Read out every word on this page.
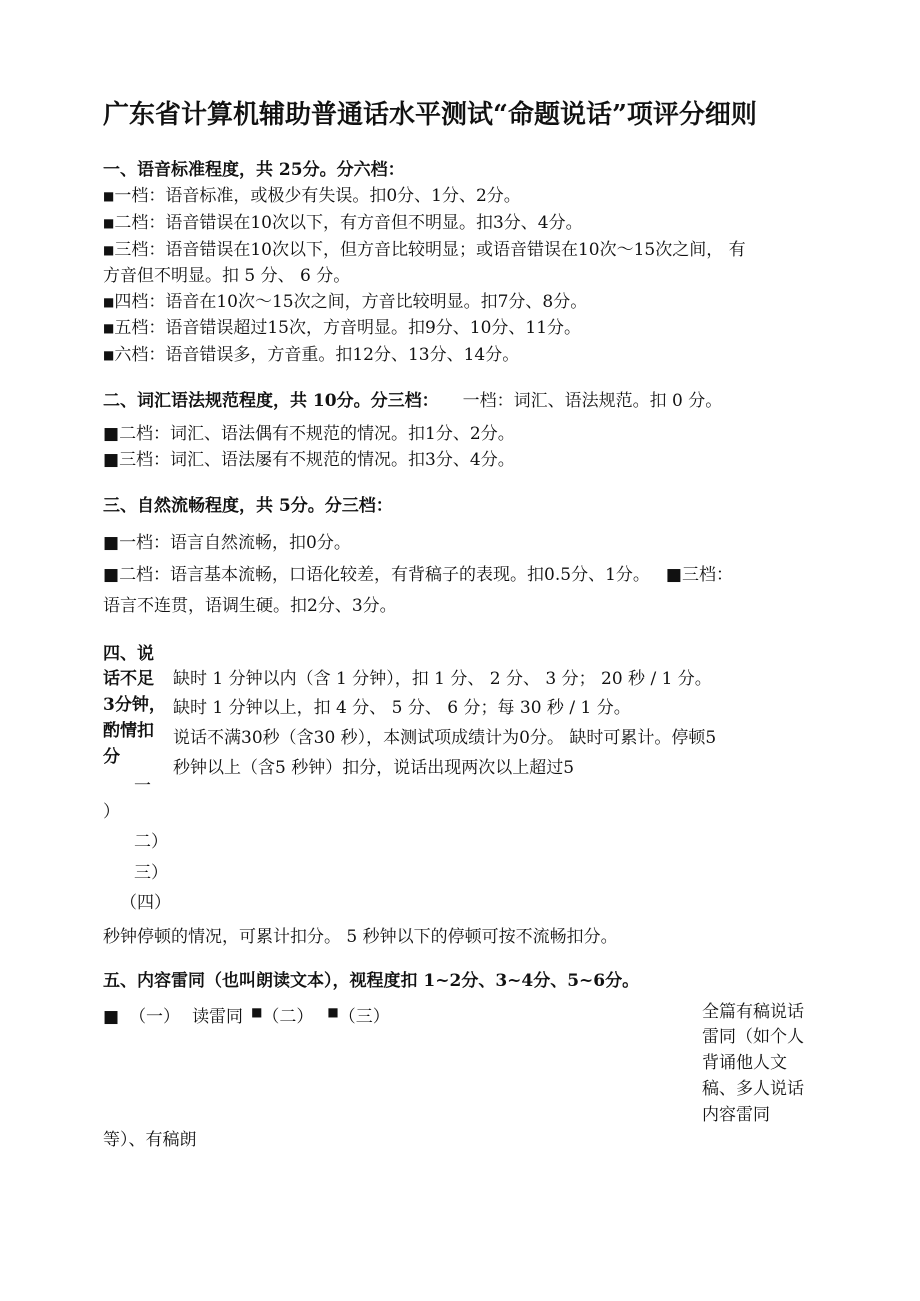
广东省计算机辅助普通话水平测试“命题说话”项评分细则
一、语音标准程度，共 25分。分六档：
■一档：语音标准，或极少有失误。扣0分、1分、2分。
■二档：语音错误在10次以下，有方音但不明显。扣3分、4分。
■三档：语音错误在10次以下，但方音比较明显；或语音错误在10次〜15次之间， 有
方音但不明显。扣 5 分、 6 分。
■四档：语音在10次〜15次之间，方音比较明显。扣7分、8分。
■五档：语音错误超过15次，方音明显。扣9分、10分、11分。
■六档：语音错误多，方音重。扣12分、13分、14分。
二、词汇语法规范程度，共 10分。分三档： 一档：词汇、语法规范。扣 0 分。
■二档：词汇、语法偶有不规范的情况。扣1分、2分。
■三档：词汇、语法屡有不规范的情况。扣3分、4分。
三、自然流畅程度，共 5分。分三档：
■一档：语言自然流畅，扣0分。
■二档：语言基本流畅，口语化较差，有背稿子的表现。扣0.5分、1分。 ■三档：
语言不连贯，语调生硬。扣2分、3分。
四、说
话不足
3分钟，
酌情扣
分
缺时 1 分钟以内（含 1 分钟），扣 1 分、 2 分、 3 分； 20 秒 / 1 分。
缺时 1 分钟以上，扣 4 分、 5 分、 6 分；每 30 秒 / 1 分。
说话不满30秒（含30 秒），本测试项成绩计为0分。 缺时可累计。停顿5
秒钟以上（含5 秒钟）扣分，说话出现两次以上超过5
一
）
二）
三）
（四）
秒钟停顿的情况，可累计扣分。 5 秒钟以下的停顿可按不流畅扣分。
五、内容雷同（也叫朗读文本），视程度扣 1~2分、3~4分、5~6分。
■ （一） 读雷同 ■（二） ■（三）	全篇有稿说话
雷同（如个人
背诵他人文
稿、多人说话
内容雷同
等）、有稿朗
